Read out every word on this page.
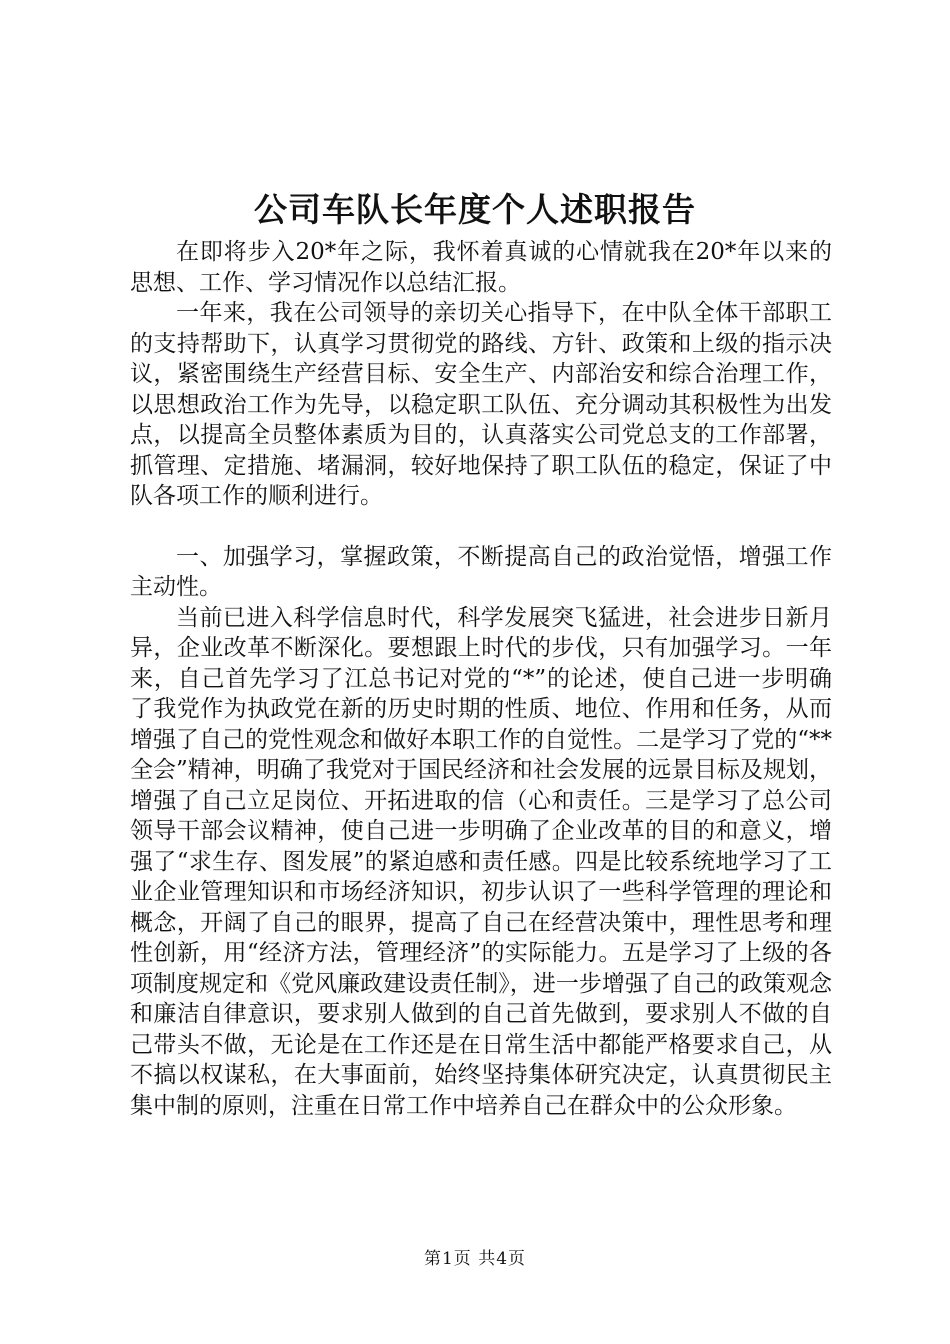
公司车队长年度个人述职报告

在即将步入20*年之际，我怀着真诚的心情就我在20*年以来的思想、工作、学习情况作以总结汇报。

一年来，我在公司领导的亲切关心指导下，在中队全体干部职工的支持帮助下，认真学习贯彻党的路线、方针、政策和上级的指示决议，紧密围绕生产经营目标、安全生产、内部治安和综合治理工作，以思想政治工作为先导，以稳定职工队伍、充分调动其积极性为出发点，以提高全员整体素质为目的，认真落实公司党总支的工作部署，抓管理、定措施、堵漏洞，较好地保持了职工队伍的稳定，保证了中队各项工作的顺利进行。

一、加强学习，掌握政策，不断提高自己的政治觉悟，增强工作主动性。

当前已进入科学信息时代，科学发展突飞猛进，社会进步日新月异，企业改革不断深化。要想跟上时代的步伐，只有加强学习。一年来，自己首先学习了江总书记对党的“*”的论述，使自己进一步明确了我党作为执政党在新的历史时期的性质、地位、作用和任务，从而增强了自己的党性观念和做好本职工作的自觉性。二是学习了党的“**全会”精神，明确了我党对于国民经济和社会发展的远景目标及规划，增强了自己立足岗位、开拓进取的信（心和责任。三是学习了总公司领导干部会议精神，使自己进一步明确了企业改革的目的和意义，增强了“求生存、图发展”的紧迫感和责任感。四是比较系统地学习了工业企业管理知识和市场经济知识，初步认识了一些科学管理的理论和概念，开阔了自己的眼界，提高了自己在经营决策中，理性思考和理性创新，用“经济方法，管理经济”的实际能力。五是学习了上级的各项制度规定和《党风廉政建设责任制》，进一步增强了自己的政策观念和廉洁自律意识，要求别人做到的自己首先做到，要求别人不做的自己带头不做，无论是在工作还是在日常生活中都能严格要求自己，从不搞以权谋私，在大事面前，始终坚持集体研究决定，认真贯彻民主集中制的原则，注重在日常工作中培养自己在群众中的公众形象。

第1页 共4页
